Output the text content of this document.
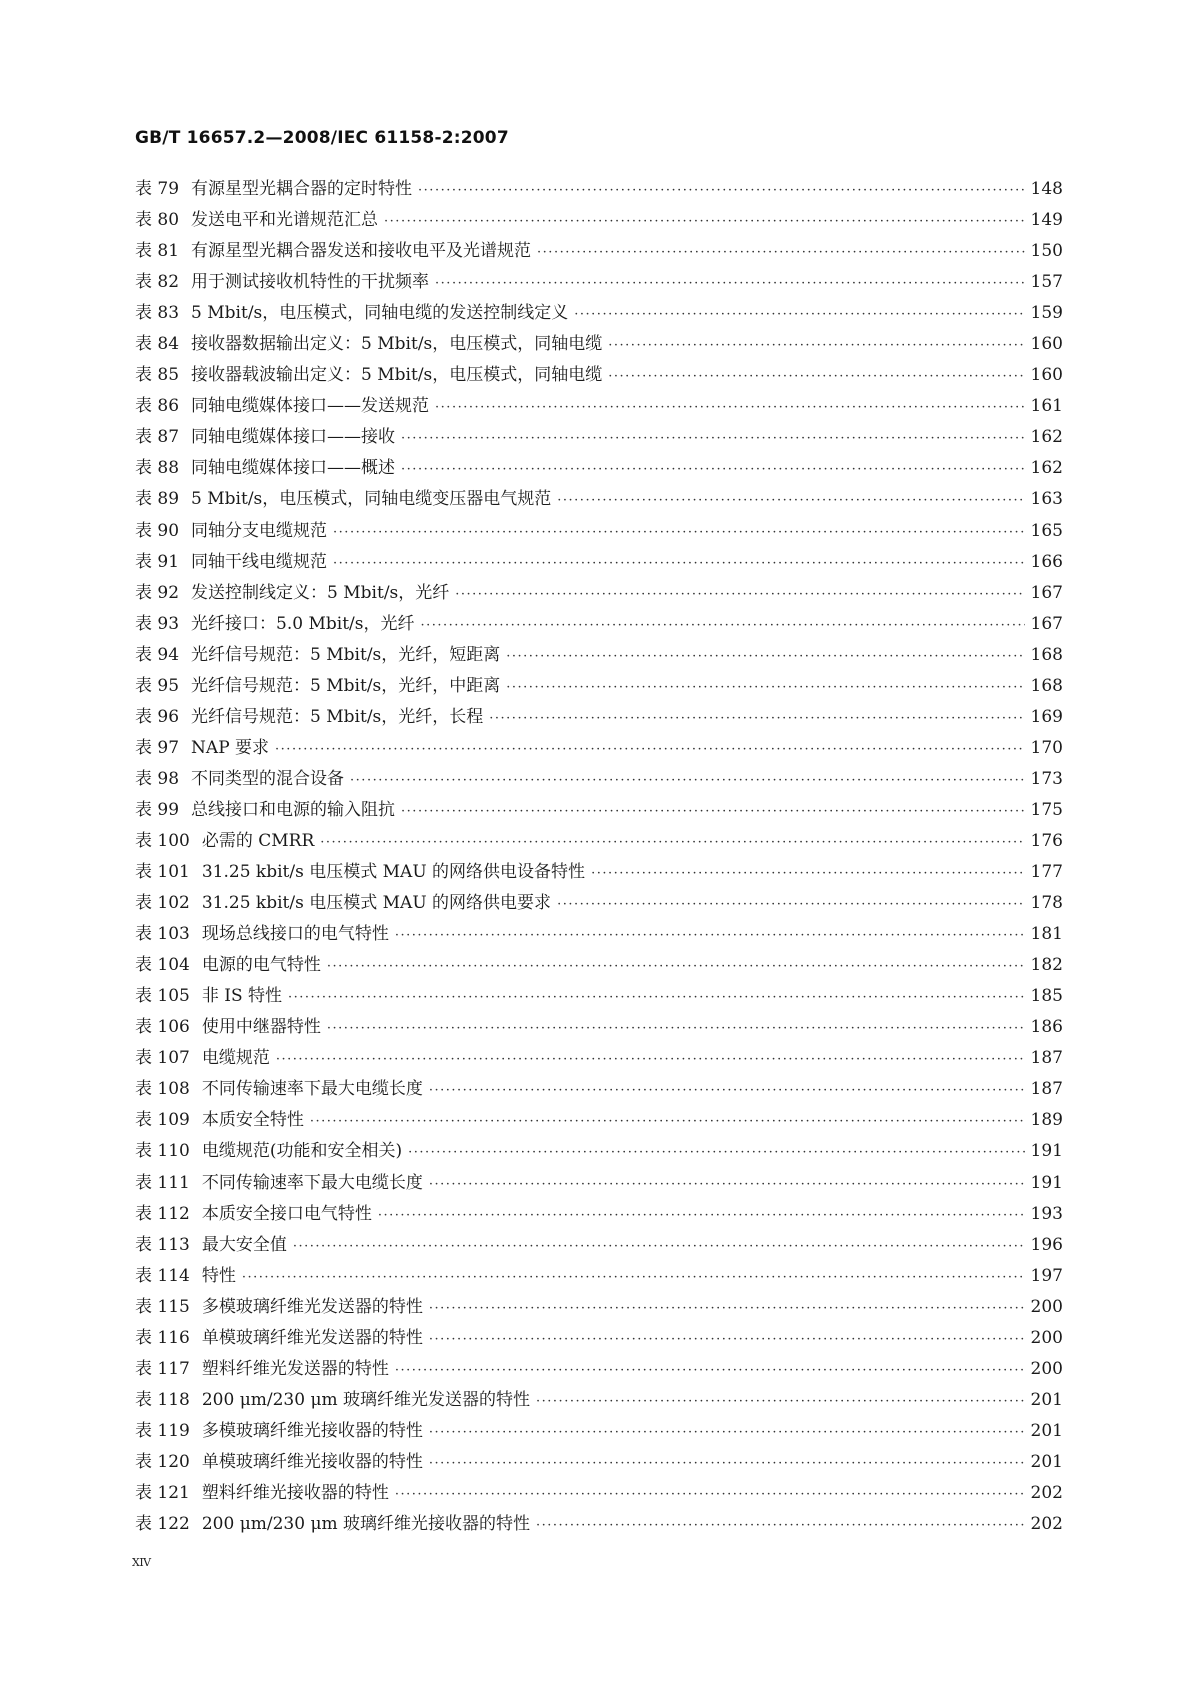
GB/T 16657.2—2008/IEC 61158-2:2007
表 79 有源星型光耦合器的定时特性 ·····	148
表 80 发送电平和光谱规范汇总 ·····	149
表 81 有源星型光耦合器发送和接收电平及光谱规范 ·····	150
表 82 用于测试接收机特性的干扰频率 ·····	157
表 83 5 Mbit/s，电压模式，同轴电缆的发送控制线定义 ·····	159
表 84 接收器数据输出定义：5 Mbit/s，电压模式，同轴电缆 ·····	160
表 85 接收器载波输出定义：5 Mbit/s，电压模式，同轴电缆 ·····	160
表 86 同轴电缆媒体接口——发送规范 ·····	161
表 87 同轴电缆媒体接口——接收 ·····	162
表 88 同轴电缆媒体接口——概述 ·····	162
表 89 5 Mbit/s，电压模式，同轴电缆变压器电气规范 ·····	163
表 90 同轴分支电缆规范 ·····	165
表 91 同轴干线电缆规范 ·····	166
表 92 发送控制线定义：5 Mbit/s，光纤 ·····	167
表 93 光纤接口：5.0 Mbit/s，光纤 ·····	167
表 94 光纤信号规范：5 Mbit/s，光纤，短距离 ·····	168
表 95 光纤信号规范：5 Mbit/s，光纤，中距离 ·····	168
表 96 光纤信号规范：5 Mbit/s，光纤，长程 ·····	169
表 97 NAP 要求 ·····	170
表 98 不同类型的混合设备 ·····	173
表 99 总线接口和电源的输入阻抗 ·····	175
表 100 必需的 CMRR ·····	176
表 101 31.25 kbit/s 电压模式 MAU 的网络供电设备特性 ·····	177
表 102 31.25 kbit/s 电压模式 MAU 的网络供电要求 ·····	178
表 103 现场总线接口的电气特性 ·····	181
表 104 电源的电气特性 ·····	182
表 105 非 IS 特性 ·····	185
表 106 使用中继器特性 ·····	186
表 107 电缆规范 ·····	187
表 108 不同传输速率下最大电缆长度 ·····	187
表 109 本质安全特性 ·····	189
表 110 电缆规范(功能和安全相关) ·····	191
表 111 不同传输速率下最大电缆长度 ·····	191
表 112 本质安全接口电气特性 ·····	193
表 113 最大安全值 ·····	196
表 114 特性 ·····	197
表 115 多模玻璃纤维光发送器的特性 ·····	200
表 116 单模玻璃纤维光发送器的特性 ·····	200
表 117 塑料纤维光发送器的特性 ·····	200
表 118 200 μm/230 μm 玻璃纤维光发送器的特性 ·····	201
表 119 多模玻璃纤维光接收器的特性 ·····	201
表 120 单模玻璃纤维光接收器的特性 ·····	201
表 121 塑料纤维光接收器的特性 ·····	202
表 122 200 μm/230 μm 玻璃纤维光接收器的特性 ·····	202
XIV
